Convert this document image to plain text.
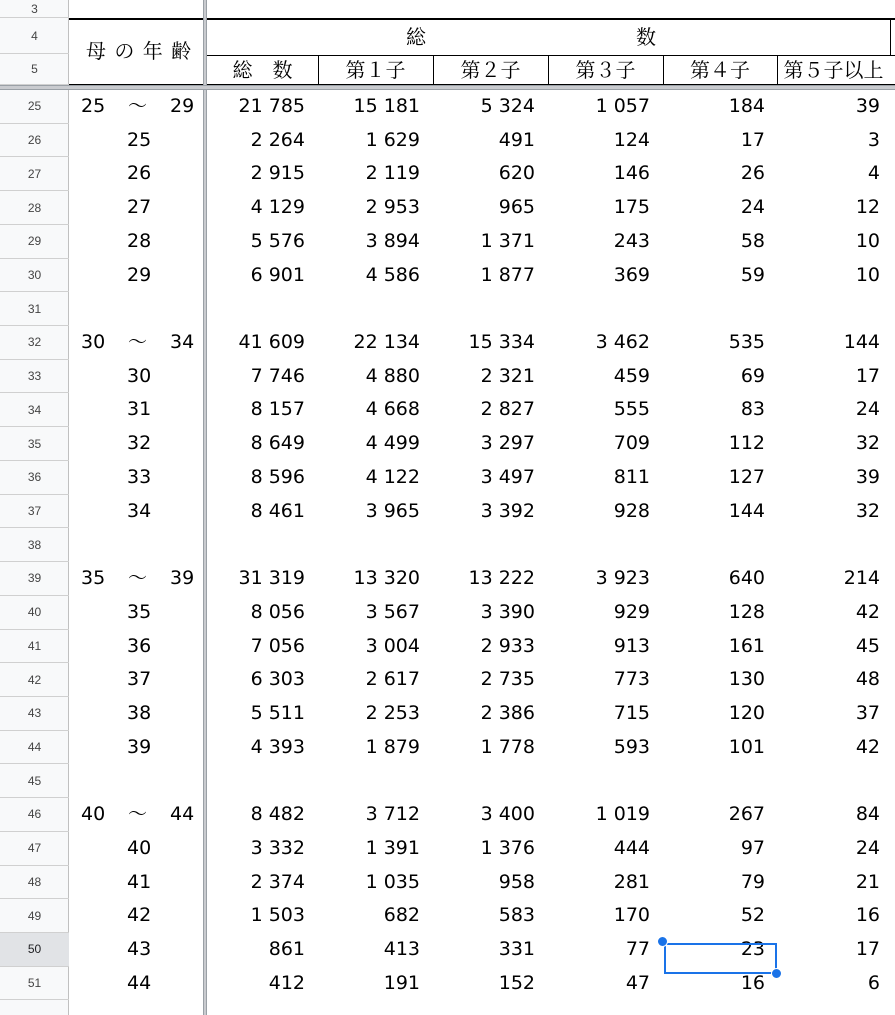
母 の 年 齢
総	数
総　数	第１子	第２子	第３子	第４子	第５子以上
25 〜 29	21 785	15 181	5 324	1 057	184	39
25	2 264	1 629	491	124	17	3
26	2 915	2 119	620	146	26	4
27	4 129	2 953	965	175	24	12
28	5 576	3 894	1 371	243	58	10
29	6 901	4 586	1 877	369	59	10
30 〜 34	41 609	22 134	15 334	3 462	535	144
30	7 746	4 880	2 321	459	69	17
31	8 157	4 668	2 827	555	83	24
32	8 649	4 499	3 297	709	112	32
33	8 596	4 122	3 497	811	127	39
34	8 461	3 965	3 392	928	144	32
35 〜 39	31 319	13 320	13 222	3 923	640	214
35	8 056	3 567	3 390	929	128	42
36	7 056	3 004	2 933	913	161	45
37	6 303	2 617	2 735	773	130	48
38	5 511	2 253	2 386	715	120	37
39	4 393	1 879	1 778	593	101	42
40 〜 44	8 482	3 712	3 400	1 019	267	84
40	3 332	1 391	1 376	444	97	24
41	2 374	1 035	958	281	79	21
42	1 503	682	583	170	52	16
43	861	413	331	77	23	17
44	412	191	152	47	16	6
3
4
5
25
26
27
28
29
30
31
32
33
34
35
36
37
38
39
40
41
42
43
44
45
46
47
48
49
50
51
